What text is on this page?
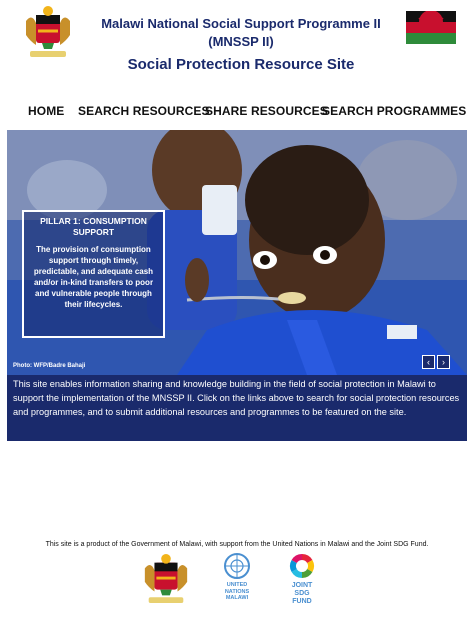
Malawi National Social Support Programme II
(MNSSP II)
Social Protection Resource Site
HOME SEARCH RESOURCES
SHARE RESOURCES
SEARCH PROGRAMMES
PILLAR 1: CONSUMPTION SUPPORT
The provision of consumption support through timely, predictable, and adequate cash and/or in-kind transfers to poor and vulnerable people through their lifecycles.
Photo: WFP/Badre Bahaji	‹	›
This site enables information sharing and knowledge building in the field of social protection in Malawi to support the implementation of the MNSSP II. Click on the links above to search for social protection resources and programmes, and to submit additional resources and programmes to be featured on the site.
This site is a product of the Government of Malawi, with support from the United Nations in Malawi and the Joint SDG Fund.
UNITED
NATIONS
MALAWI
JOINT
SDG
FUND
